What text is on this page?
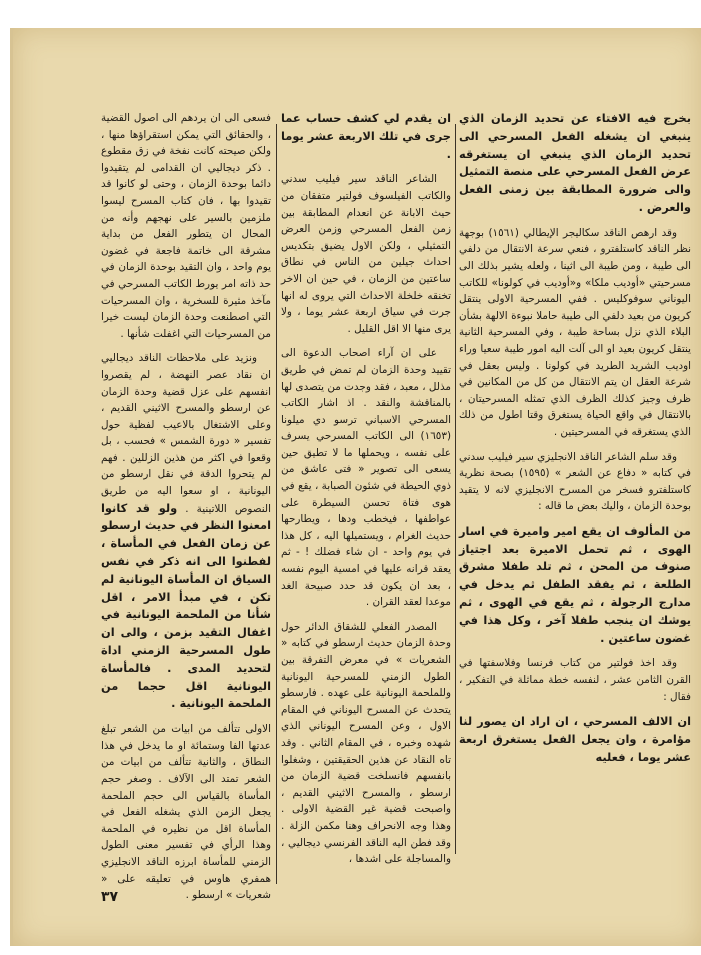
بخرج فيه الافتاء عن تحديد الزمان الذي ينبغي ان يشغله الفعل المسرحي الى تحديد الزمان الذي ينبغي ان يستغرقه عرض الفعل المسرحي على منصة التمثيل والى ضرورة المطابقة بين زمنى الفعل والعرض .

وقد ارهص الناقد سكاليجر الإيطالي (١٥٦١) بوجهة نظر الناقد كاستلفترو ، فنعي سرعة الانتقال من دلفي الى طيبة ، ومن طيبة الى اثينا ، ولعله يشير بذلك الى مسرحيتي «أوديب ملكا» و«أوديب في كولونا» للكاتب اليوناني سوفوكليس . ففي المسرحية الاولى ينتقل كريون من بعيد دلفي الى طيبة حاملا نبوءة الالهة بشأن البلاء الذي نزل بساحة طيبة ، وفي المسرحية الثانية ينتقل كريون بعيد او الى آلت اليه امور طيبة سعيا وراء اوديب الشريد الطريد في كولونا . وليس بعقل في شرعة العقل ان يتم الانتقال من كل من المكانين في ظرف وجيز كذلك الظرف الذي تمثله المسرحيتان ، بالانتقال في واقع الحياة يستغرق وقتا اطول من ذلك الذي يستغرقه في المسرحيتين .

وقد سلم الشاعر الناقد الانجليزي سير فيليب سدني في كتابه « دفاع عن الشعر » (١٥٩٥) بصحة نظرية كاستلفترو فسخر من المسرح الانجليزي لانه لا يتقيد بوحدة الزمان ، واليك بعض ما قاله :

من المألوف ان يقع امير واميرة في اسار الهوى ، ثم تحمل الاميرة بعد اجتياز صنوف من المحن ، ثم تلد طفلا مشرق الطلعة ، ثم يفقد الطفل ثم يدخل في مدارج الرجولة ، ثم يقع في الهوى ، ثم يوشك ان ينجب طفلا آخر ، وكل هذا في غضون ساعتين .

وقد اخذ فولتير من كتاب فرنسا وفلاسفتها في القرن الثامن عشر ، لنفسه خطة مماثلة في التفكير ، فقال :

ان الالف المسرحي ، ان اراد ان يصور لنا مؤامرة ، وان يجعل الفعل يستغرق اربعة عشر يوما ، فعليه

ان يقدم لي كشف حساب عما جرى في تلك الاربعة عشر يوما .

الشاعر الناقد سير فيليب سدني والكاتب الفيلسوف فولتير متفقان من حيث الابانة عن انعدام المطابقة بين زمن الفعل المسرحي وزمن العرض التمثيلي ، ولكن الاول يضيق بتكديس احداث جيلين من الناس في نطاق ساعتين من الزمان ، في حين ان الاخر تخنقه خلخلة الاحداث التي يروى له انها جرت في سياق اربعة عشر يوما ، ولا يرى منها الا اقل القليل .

على ان آراء اصحاب الدعوة الى تقييد وحدة الزمان لم تمض في طريق مذلل ، معبد ، فقد وجدت من يتصدى لها بالمناقشة والنقد . اذ اشار الكاتب المسرحي الاسباني ترسو دي ميلونا (١٦٥٣) الى الكاتب المسرحي يسرف على نفسه ، ويحملها ما لا تطيق حين يسعى الى تصوير « فتى عاشق من ذوي الحيطة في شئون الصبابة ، يقع في هوى فتاة تحسن السيطرة على عواطفها ، فيخطب ودها ، ويطارحها حديث الغرام ، ويستميلها اليه ، كل هذا في يوم واحد - ان شاء فضلك ! - ثم يعقد قرانه عليها في امسية اليوم نفسه ، بعد ان يكون قد حدد صبيحة الغد موعدا لعقد القران .

المصدر الفعلي للشقاق الدائر حول وحدة الزمان حديث ارسطو في كتابه « الشعريات » في معرض التفرقة بين الطول الزمني للمسرحية اليونانية وللملحمة اليونانية على عهده . فارسطو يتحدث عن المسرح اليوناني في المقام الاول ، وعن المسرح اليوناني الذي شهده وخبره ، في المقام الثاني . وقد تاه النقاد عن هذين الحقيقتين ، وشغلوا بانفسهم فانسلخت قضية الزمان من ارسطو ، والمسرح الاثيني القديم ، واصبحت قضية غير القضية الاولى . وهذا وجه الانحراف وهنا مكمن الزلة . وقد فطن اليه الناقد الفرنسي ديجاليي ، والمساجلة على اشدها ،

فسعى الى ان يردهم الى اصول القضية ، والحقائق التي يمكن استقراؤها منها ، ولكن صيحته كانت نفخة في زق مقطوع . ذكر ديجاليي ان القدامى لم يتقيدوا دائما بوحدة الزمان ، وحتى لو كانوا قد تقيدوا بها ، فان كتاب المسرح ليسوا ملزمين بالسير على نهجهم وأنه من المحال ان يتطور الفعل من بداية مشرقة الى خاتمة فاجعة في غضون يوم واحد ، وان التقيد بوحدة الزمان في حد ذاته امر يورط الكاتب المسرحي في مآخذ مثيرة للسخرية ، وان المسرحيات التي اصطنعت وحدة الزمان ليست خيرا من المسرحيات التي اغفلت شأنها .

ونزيد على ملاحظات الناقد ديجاليي ان نقاد عصر النهضة ، لم يقصروا انفسهم على عزل قضية وحدة الزمان عن ارسطو والمسرح الاثيني القديم ، وعلى الاشتغال بالاعيب لفظية حول تفسير « دورة الشمس » فحسب ، بل وقعوا في اكثر من هذين الزللين . فهم لم يتحروا الدقة في نقل ارسطو من اليونانية ، او سعوا اليه من طريق النصوص اللاتينية . ولو قد كانوا امعنوا النظر في حديث ارسطو عن زمان الفعل في المأساة ، لفطنوا الى انه ذكر في نفس السياق ان المأساة اليونانية لم تكن ، في مبدأ الامر ، اقل شأنا من الملحمة اليونانية في اغفال التقيد بزمن ، والى ان طول المسرحية الزمني اداة لتحديد المدى . فالمأساة اليونانية اقل حجما من الملحمة اليونانية .

الاولى تتألف من ابيات من الشعر تبلغ عدتها الفا وستمائة او ما يدخل في هذا النطاق ، والثانية تتألف من ابيات من الشعر تمتد الى الآلاف . وصغر حجم المأساة بالقياس الى حجم الملحمة يجعل الزمن الذي يشغله الفعل في المأساة اقل من نظيره في الملحمة وهذا الرأي في تفسير معنى الطول الزمني للمأساة ابرزه الناقد الانجليزي همفري هاوس في تعليقه على « شعريات » ارسطو .

٣٧
